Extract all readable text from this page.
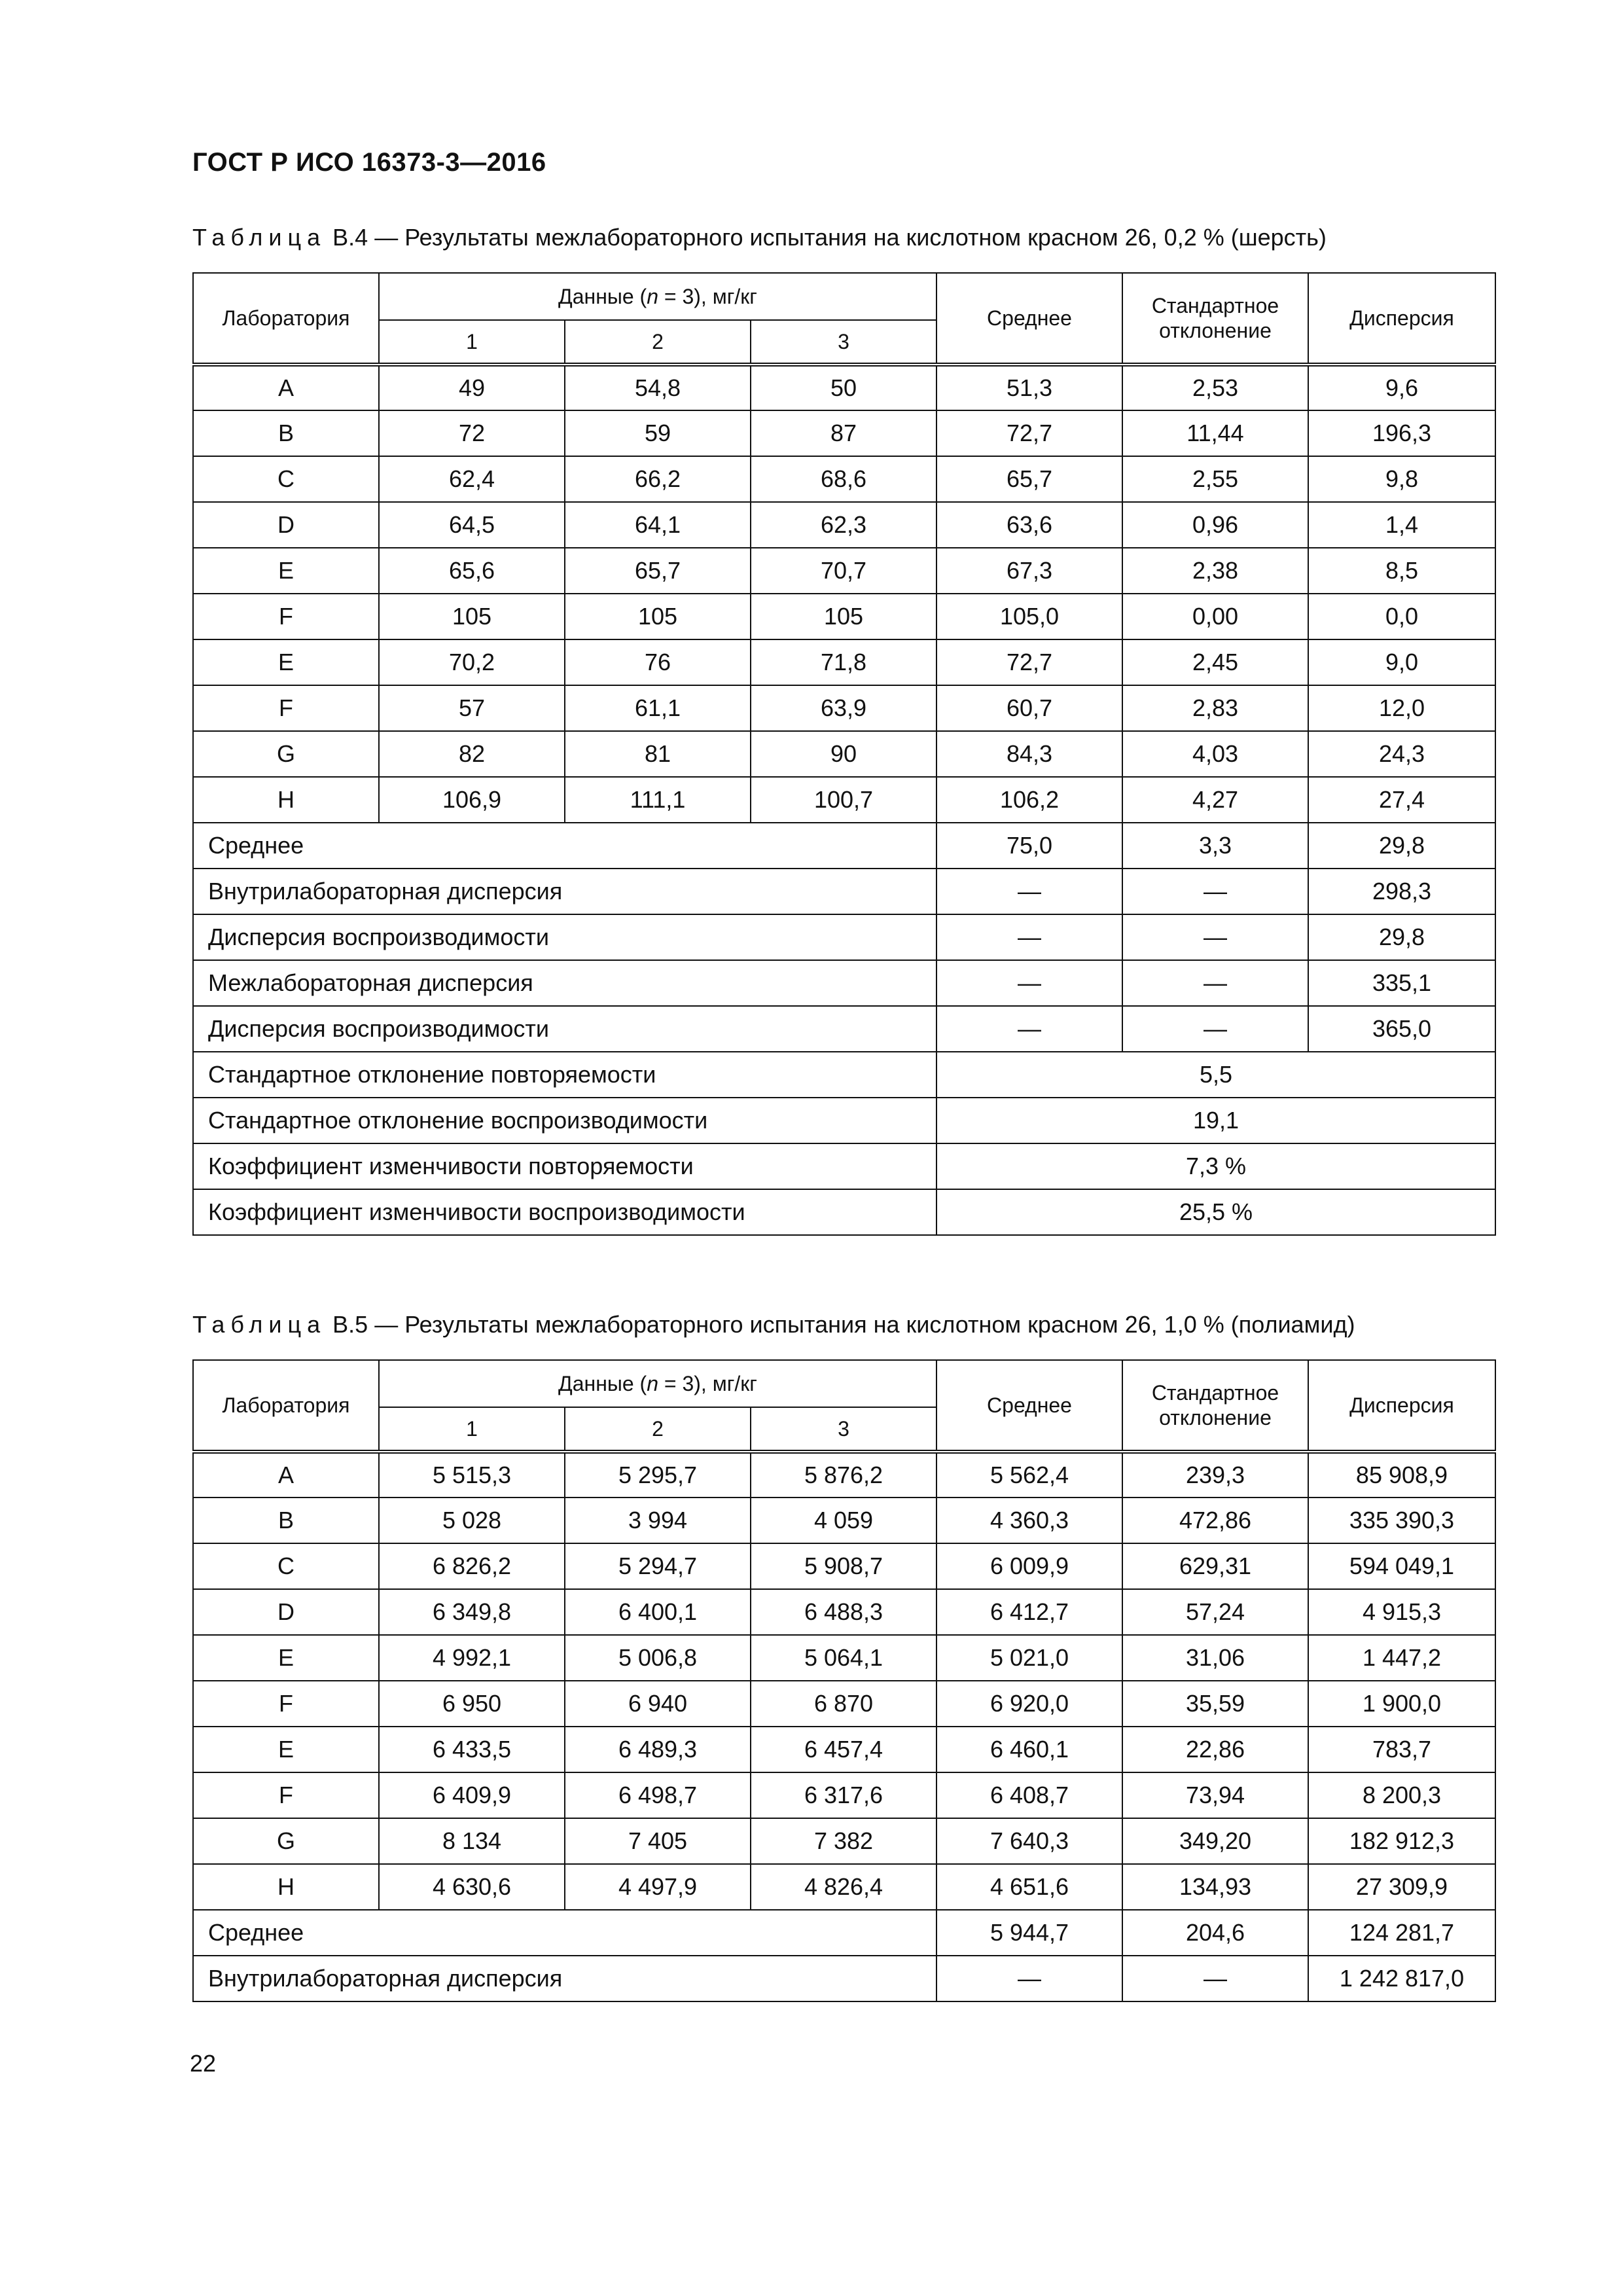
ГОСТ Р ИСО 16373-3—2016
Таблица В.4 — Результаты межлабораторного испытания на кислотном красном 26, 0,2 % (шерсть)
Лаборатория	Данные (n = 3), мг/кг			Среднее	Стандартное отклонение	Дисперсия
	1	2	3			
A	49	54,8	50	51,3	2,53	9,6
B	72	59	87	72,7	11,44	196,3
C	62,4	66,2	68,6	65,7	2,55	9,8
D	64,5	64,1	62,3	63,6	0,96	1,4
E	65,6	65,7	70,7	67,3	2,38	8,5
F	105	105	105	105,0	0,00	0,0
E	70,2	76	71,8	72,7	2,45	9,0
F	57	61,1	63,9	60,7	2,83	12,0
G	82	81	90	84,3	4,03	24,3
H	106,9	111,1	100,7	106,2	4,27	27,4
Среднее				75,0	3,3	29,8
Внутрилабораторная дисперсия				—	—	298,3
Дисперсия воспроизводимости				—	—	29,8
Межлабораторная дисперсия				—	—	335,1
Дисперсия воспроизводимости				—	—	365,0
Стандартное отклонение повторяемости				5,5		
Стандартное отклонение воспроизводимости				19,1		
Коэффициент изменчивости повторяемости				7,3 %		
Коэффициент изменчивости воспроизводимости				25,5 %		
Таблица В.5 — Результаты межлабораторного испытания на кислотном красном 26, 1,0 % (полиамид)
Лаборатория	Данные (n = 3), мг/кг			Среднее	Стандартное отклонение	Дисперсия
	1	2	3			
A	5 515,3	5 295,7	5 876,2	5 562,4	239,3	85 908,9
B	5 028	3 994	4 059	4 360,3	472,86	335 390,3
C	6 826,2	5 294,7	5 908,7	6 009,9	629,31	594 049,1
D	6 349,8	6 400,1	6 488,3	6 412,7	57,24	4 915,3
E	4 992,1	5 006,8	5 064,1	5 021,0	31,06	1 447,2
F	6 950	6 940	6 870	6 920,0	35,59	1 900,0
E	6 433,5	6 489,3	6 457,4	6 460,1	22,86	783,7
F	6 409,9	6 498,7	6 317,6	6 408,7	73,94	8 200,3
G	8 134	7 405	7 382	7 640,3	349,20	182 912,3
H	4 630,6	4 497,9	4 826,4	4 651,6	134,93	27 309,9
Среднее				5 944,7	204,6	124 281,7
Внутрилабораторная дисперсия				—	—	1 242 817,0
22
